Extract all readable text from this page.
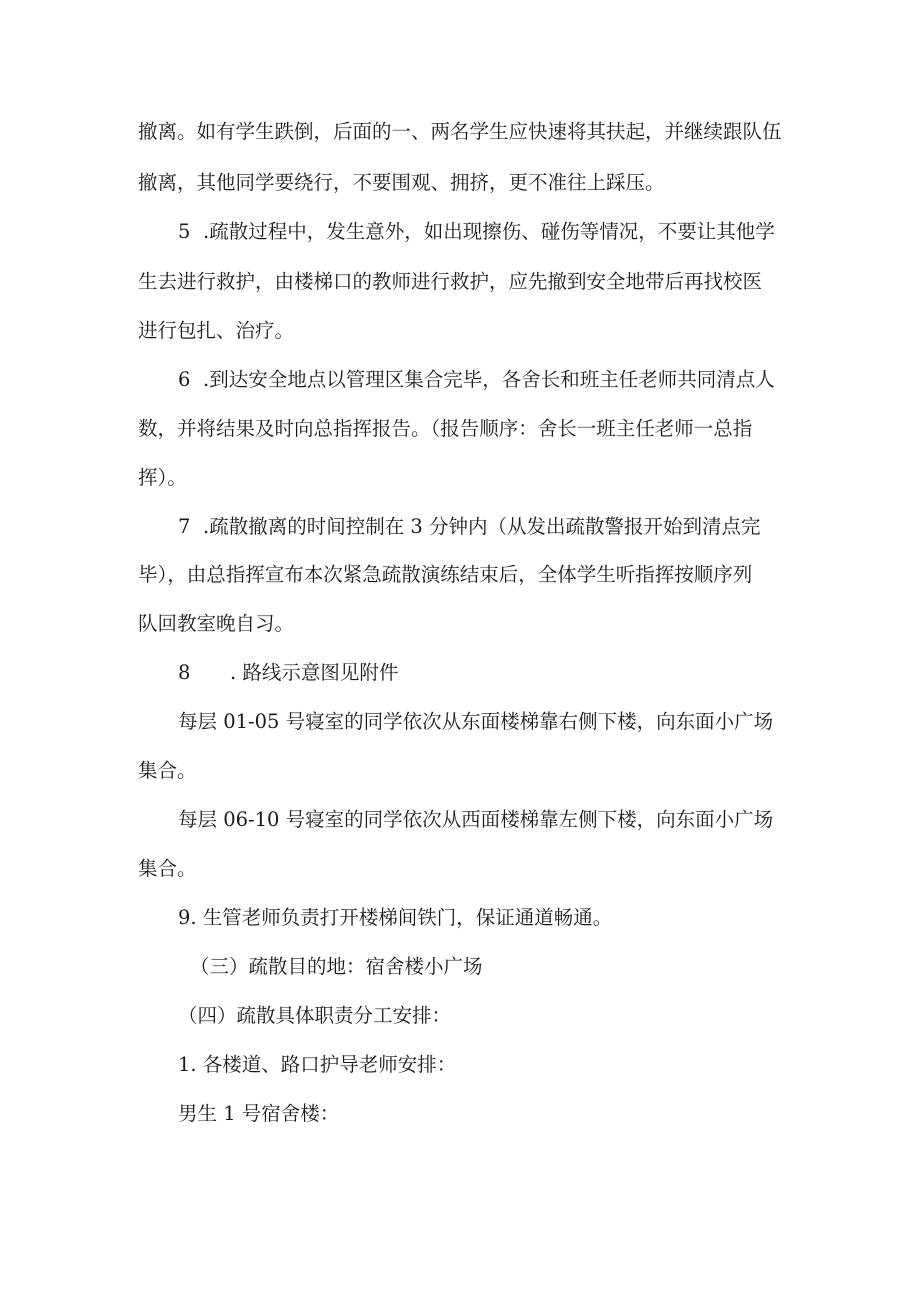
撤离。如有学生跌倒，后面的一、两名学生应快速将其扶起，并继续跟队伍
撤离，其他同学要绕行，不要围观、拥挤，更不准往上踩压。
5 .疏散过程中，发生意外，如出现擦伤、碰伤等情况，不要让其他学
生去进行救护，由楼梯口的教师进行救护，应先撤到安全地带后再找校医
进行包扎、治疗。
6 .到达安全地点以管理区集合完毕，各舍长和班主任老师共同清点人
数，并将结果及时向总指挥报告。（报告顺序：舍长一班主任老师一总指
挥）。
7 .疏散撤离的时间控制在 3 分钟内（从发出疏散警报开始到清点完
毕），由总指挥宣布本次紧急疏散演练结束后，全体学生听指挥按顺序列
队回教室晚自习。
8 . 路线示意图见附件
每层 01-05 号寝室的同学依次从东面楼梯靠右侧下楼，向东面小广场
集合。
每层 06-10 号寝室的同学依次从西面楼梯靠左侧下楼，向东面小广场
集合。
9. 生管老师负责打开楼梯间铁门，保证通道畅通。
（三）疏散目的地：宿舍楼小广场
（四）疏散具体职责分工安排：
1. 各楼道、路口护导老师安排：
男生 1 号宿舍楼：
